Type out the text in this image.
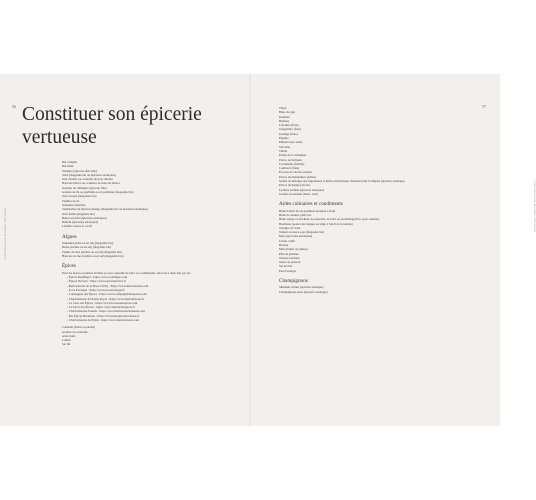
56	57
CONSTITUER SON ÉPICERIE VERTUEUSE
CONSTITUER SON ÉPICERIE VERTUEUSE
Constituer son épicerie vertueuse
Riz complet
Riz blanc
Vinaigre (épicerie africaine)
Soba (magasins bio ou épiceries asiatiques)
Pois chiches ou cornettes de pois chiches
Haricots blancs ou cornettes de haricots blancs
Galettes de châtaigne (épicerie fine)
Graines de lin ou psyllium ou en paillettes (magasins bio)
Tofu soyeux (magasins bio)
Feuilles de riz
Amandes blanches
Vermicelles de haricots mungo (magasins bio ou épiceries asiatiques)
Tofu ferme (magasins bio)
Butter-scotchs (épiceries asiatiques)
Kimchi (épiceries asiatiques)
Lentilles vertes et corail
Algues
Wakamé (séché ou en sel) (magasins bio)
Dulse (séchée ou en sel) (magasins bio)
Feuille de nori (séchée ou en sel) (magasins bio)
Haricots de mer (séchés ou en sel) (magasins bio)
Épices
Pour les épices et plantes séchées je vous conseille de faire vos commandes, une fois à deux fois par an :
- Épices Roellinger : https://www.roellinger.com
- Épices Navarre : https://www.epicesnavarre.fr
- Herboristerie de la Place Clichy : https://www.herboristerie.com
- Terre Exotique : https://www.terreexotique.fr
- Compagnie des Épices : https://www.compagniedesepices.com
- L'herboristerie du Palais Royal : https://www.herboristerie.fr
- La Case aux Épices : https://www.lacaseauxepices.com
- Le Tiroir des Épices : https://www.letiroirdesepices.fr
- L'herboristerie d'Anaïs : https://www.herboristeriedanais.com
- Bio Épices Bordeaux : https://www.bioepicesbordeaux.fr
- L'herboristerie du Palais : https://www.herboristerie.com
Cannelle (bâton et poudre)
Graines de coriandre
Anis étoilé
Cumin
Sel fin
Thym
Baies de goji
Romarin
Badiane
Curcuma (frais)
Gingembre (frais)
Galanga (frais)
Paprika
Piment doux séché
Verveine
Tilleul
Pointe de la Jamaïque
Poivre de Sichuan
Citronnelle (fraîche)
Combava (frais)
Écorces de citrons séchées
Poivre de mandarines séchées
Sachet de mélange aux ingrédients et herbes médicinales chinoises prêt à l'emploi (épicerie asiatique)
Poivre de Kampot (frais)
Lychées séchées (épicerie asiatique)
Graines de sésame (blanc, noir)
Aides culinaires et condiments
Huile d'olive bio de première pression à froid
Huile de sésame grillé bio
Huile vierge à l'arachide, de noisettes, de noix ou en mélange (bio, pour cuisiner)
Bouillons (poulet des laïques ou laïgu à l'aïoli de la tomate)
Vinaigre de cidre
Tamari ou sauce soja (magasins bio)
Miso (épiceries asiatiques)
Citron confit
Harissa
Miso (bruns ou jaunes)
Pâte de pimenta
Tomates séchées
Sauce de poisson
Sel de mer
Eau d'oranger
Champignons
Shiitakés séchés (épicerie asiatique)
Champignons noirs (épicerie asiatique)
